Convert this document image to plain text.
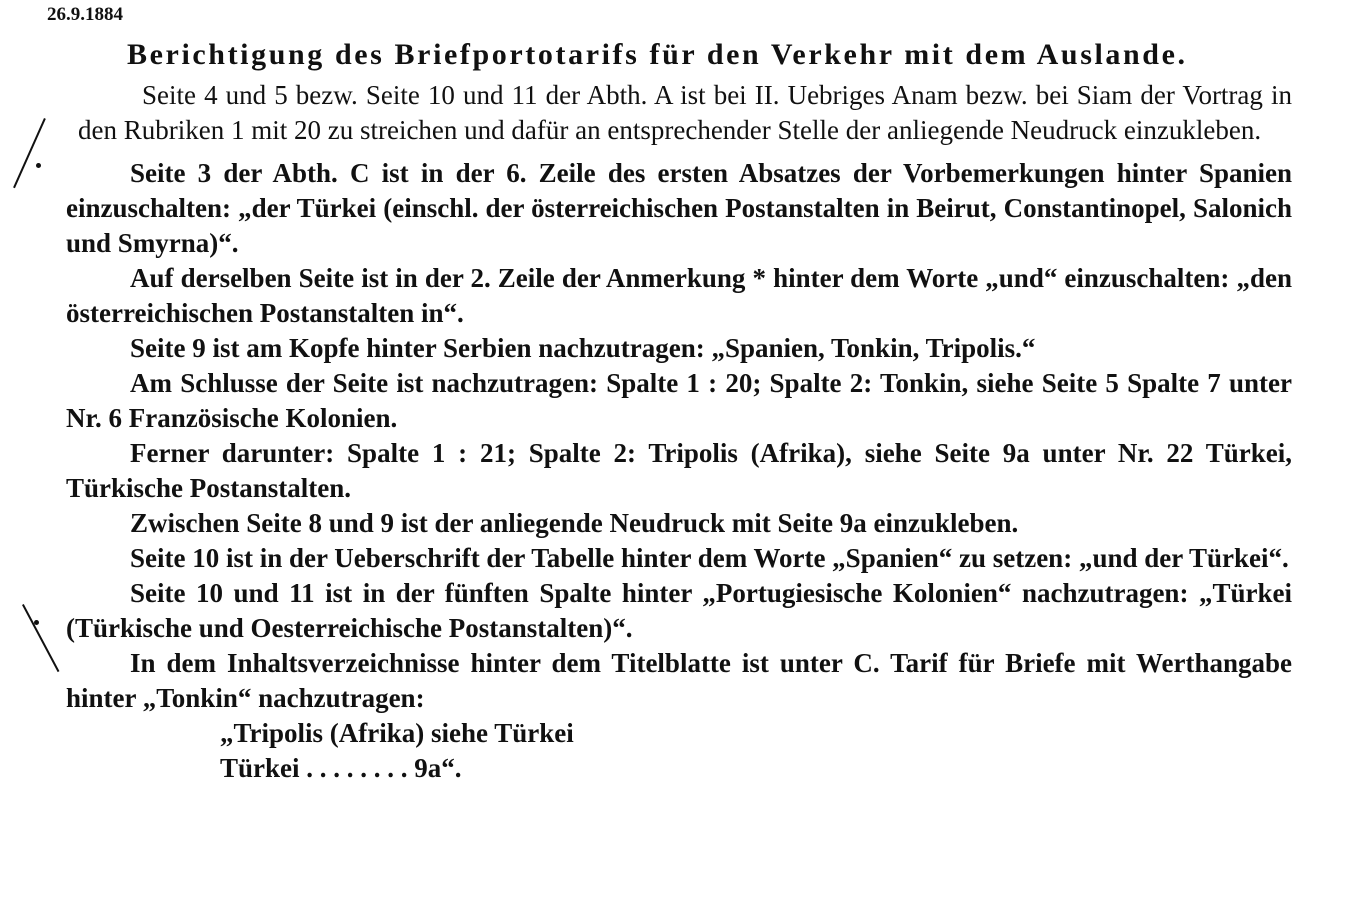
26.9.1884
Berichtigung des Briefportotarifs für den Verkehr mit dem Auslande.

Seite 4 und 5 bezw. Seite 10 und 11 der Abth. A ist bei II. Uebriges Anam bezw. bei Siam der Vortrag in den Rubriken 1 mit 20 zu streichen und dafür an entsprechender Stelle der anliegende Neudruck einzukleben.

Seite 3 der Abth. C ist in der 6. Zeile des ersten Absatzes der Vorbemerkungen hinter Spanien einzuschalten: „der Türkei (einschl. der österreichischen Postanstalten in Beirut, Constantinopel, Salonich und Smyrna)“.

Auf derselben Seite ist in der 2. Zeile der Anmerkung * hinter dem Worte „und“ einzuschalten: „den österreichischen Postanstalten in“.

Seite 9 ist am Kopfe hinter Serbien nachzutragen: „Spanien, Tonkin, Tripolis.“

Am Schlusse der Seite ist nachzutragen: Spalte 1 : 20; Spalte 2: Tonkin, siehe Seite 5 Spalte 7 unter Nr. 6 Französische Kolonien.

Ferner darunter: Spalte 1 : 21; Spalte 2: Tripolis (Afrika), siehe Seite 9a unter Nr. 22 Türkei, Türkische Postanstalten.

Zwischen Seite 8 und 9 ist der anliegende Neudruck mit Seite 9a einzukleben.

Seite 10 ist in der Ueberschrift der Tabelle hinter dem Worte „Spanien“ zu setzen: „und der Türkei“.

Seite 10 und 11 ist in der fünften Spalte hinter „Portugiesische Kolonien“ nachzutragen: „Türkei (Türkische und Oesterreichische Postanstalten)“.

In dem Inhaltsverzeichnisse hinter dem Titelblatte ist unter C. Tarif für Briefe mit Werthangabe hinter „Tonkin“ nachzutragen:

„Tripolis (Afrika) siehe Türkei
Türkei . . . . . . . . 9a“.
